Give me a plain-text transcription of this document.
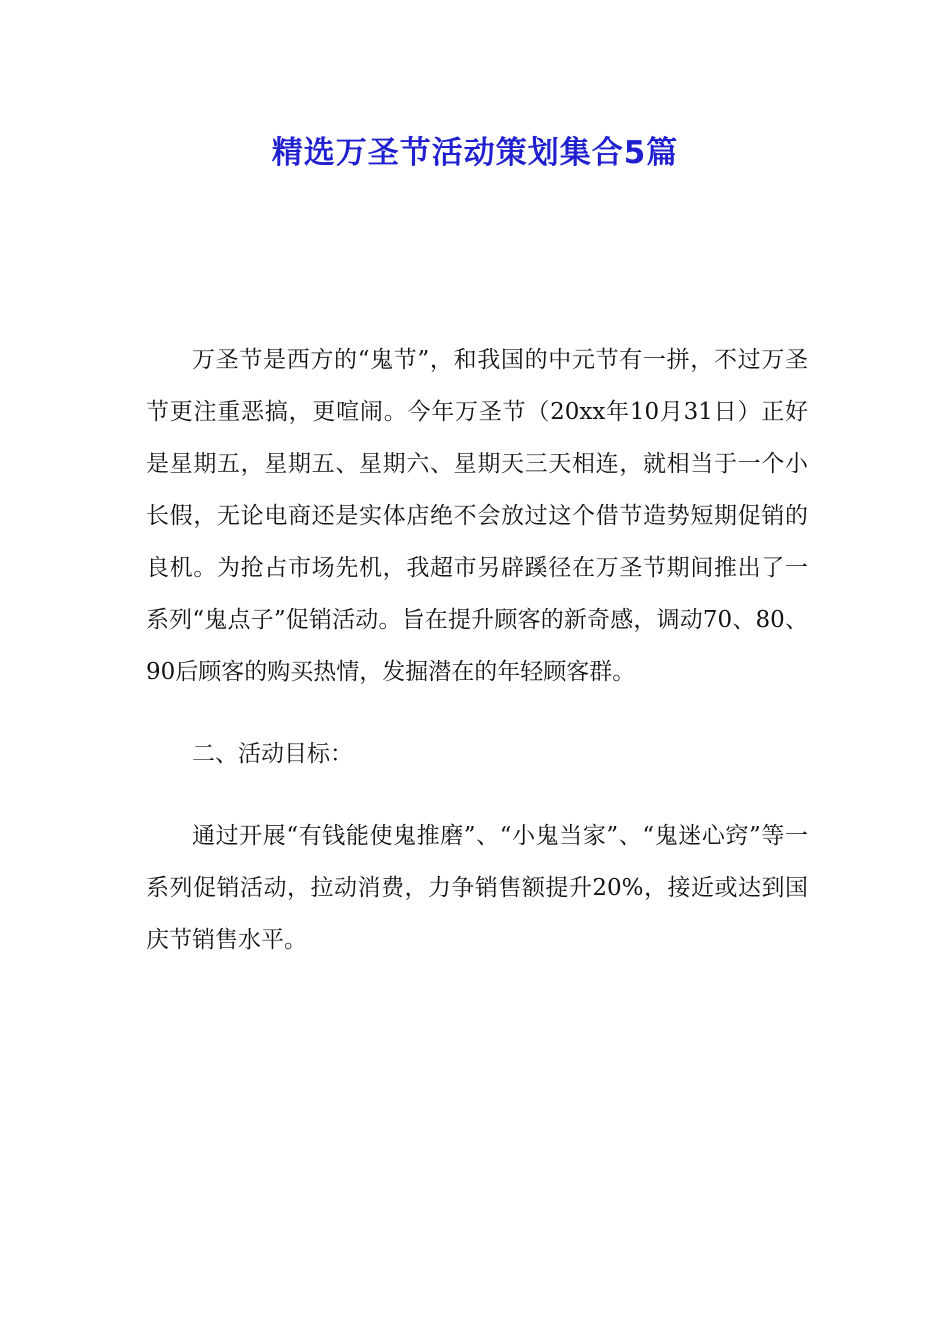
精选万圣节活动策划集合5篇

万圣节是西方的“鬼节”，和我国的中元节有一拼，不过万圣节更注重恶搞，更喧闹。今年万圣节（20xx年10月31日）正好是星期五，星期五、星期六、星期天三天相连，就相当于一个小长假，无论电商还是实体店绝不会放过这个借节造势短期促销的良机。为抢占市场先机，我超市另辟蹊径在万圣节期间推出了一系列“鬼点子”促销活动。旨在提升顾客的新奇感，调动70、80、90后顾客的购买热情，发掘潜在的年轻顾客群。

二、活动目标：

通过开展“有钱能使鬼推磨”、“小鬼当家”、“鬼迷心窍”等一系列促销活动，拉动消费，力争销售额提升20%，接近或达到国庆节销售水平。
